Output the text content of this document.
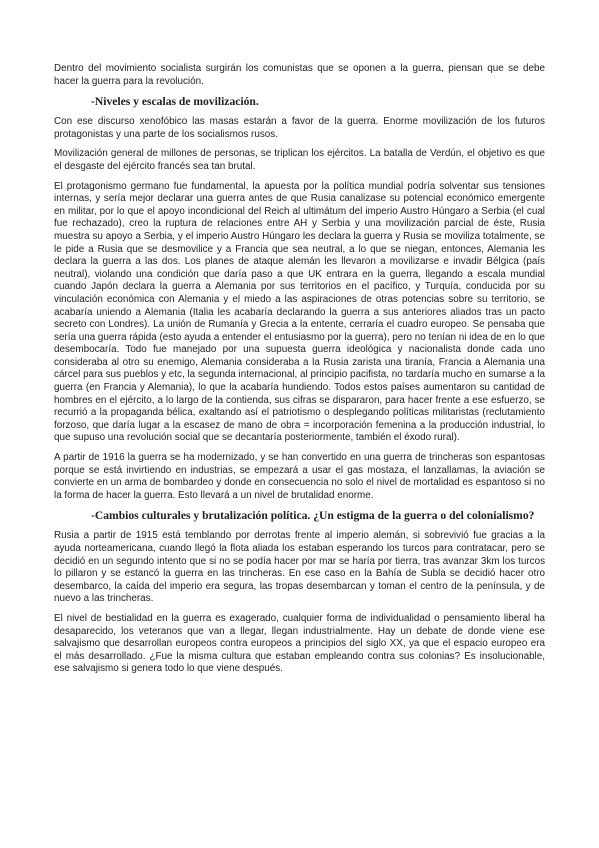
Dentro del movimiento socialista surgirán los comunistas que se oponen a la guerra, piensan que se debe hacer la guerra para la revolución.

-Niveles y escalas de movilización.

Con ese discurso xenofóbico las masas estarán a favor de la guerra. Enorme movilización de los futuros protagonistas y una parte de los socialismos rusos.

Movilización general de millones de personas, se triplican los ejércitos. La batalla de Verdún, el objetivo es que el desgaste del ejército francés sea tan brutal.

El protagonismo germano fue fundamental, la apuesta por la política mundial podría solventar sus tensiones internas, y sería mejor declarar una guerra antes de que Rusia canalizase su potencial económico emergente en militar, por lo que el apoyo incondicional del Reich al ultimátum del imperio Austro Húngaro a Serbia (el cual fue rechazado), creo la ruptura de relaciones entre AH y Serbia y una movilización parcial de éste, Rusia muestra su apoyo a Serbia, y el imperio Austro Húngaro les declara la guerra y Rusia se moviliza totalmente, se le pide a Rusia que se desmovilice y a Francia que sea neutral, a lo que se niegan, entonces, Alemania les declara la guerra a las dos. Los planes de ataque alemán les llevaron a movilizarse e invadir Bélgica (país neutral), violando una condición que daría paso a que UK entrara en la guerra, llegando a escala mundial cuando Japón declara la guerra a Alemania por sus territorios en el pacífico, y Turquía, conducida por su vinculación económica con Alemania y el miedo a las aspiraciones de otras potencias sobre su territorio, se acabaría uniendo a Alemania (Italia les acabaría declarando la guerra a sus anteriores aliados tras un pacto secreto con Londres). La unión de Rumanía y Grecia a la entente, cerraría el cuadro europeo. Se pensaba que sería una guerra rápida (esto ayuda a entender el entusiasmo por la guerra), pero no tenían ni idea de en lo que desembocaría. Todo fue manejado por una supuesta guerra ideológica y nacionalista donde cada uno consideraba al otro su enemigo, Alemania consideraba a la Rusia zarista una tiranía, Francia a Alemania una cárcel para sus pueblos y etc, la segunda internacional, al principio pacifista, no tardaría mucho en sumarse a la guerra (en Francia y Alemania), lo que la acabaría hundiendo. Todos estos países aumentaron su cantidad de hombres en el ejército, a lo largo de la contienda, sus cifras se dispararon, para hacer frente a ese esfuerzo, se recurrió a la propaganda bélica, exaltando así el patriotismo o desplegando políticas militaristas (reclutamiento forzoso, que daría lugar a la escasez de mano de obra = incorporación femenina a la producción industrial, lo que supuso una revolución social que se decantaría posteriormente, también el éxodo rural).

A partir de 1916 la guerra se ha modernizado, y se han convertido en una guerra de trincheras son espantosas porque se está invirtiendo en industrias, se empezará a usar el gas mostaza, el lanzallamas, la aviación se convierte en un arma de bombardeo y donde en consecuencia no solo el nivel de mortalidad es espantoso si no la forma de hacer la guerra. Esto llevará a un nivel de brutalidad enorme.

-Cambios culturales y brutalización política. ¿Un estigma de la guerra o del colonialismo?

Rusia a partir de 1915 está temblando por derrotas frente al imperio alemán, si sobrevivió fue gracias a la ayuda norteamericana, cuando llegó la flota aliada los estaban esperando los turcos para contratacar, pero se decidió en un segundo intento que si no se podía hacer por mar se haría por tierra, tras avanzar 3km los turcos lo pillaron y se estancó la guerra en las trincheras. En ese caso en la Bahía de Subla se decidió hacer otro desembarco, la caída del imperio era segura, las tropas desembarcan y toman el centro de la península, y de nuevo a las trincheras.

El nivel de bestialidad en la guerra es exagerado, cualquier forma de individualidad o pensamiento liberal ha desaparecido, los veteranos que van a llegar, llegan industrialmente. Hay un debate de donde viene ese salvajismo que desarrollan europeos contra europeos a principios del siglo XX, ya que el espacio europeo era el más desarrollado. ¿Fue la misma cultura que estaban empleando contra sus colonias? Es insolucionable, ese salvajismo si genera todo lo que viene después.
